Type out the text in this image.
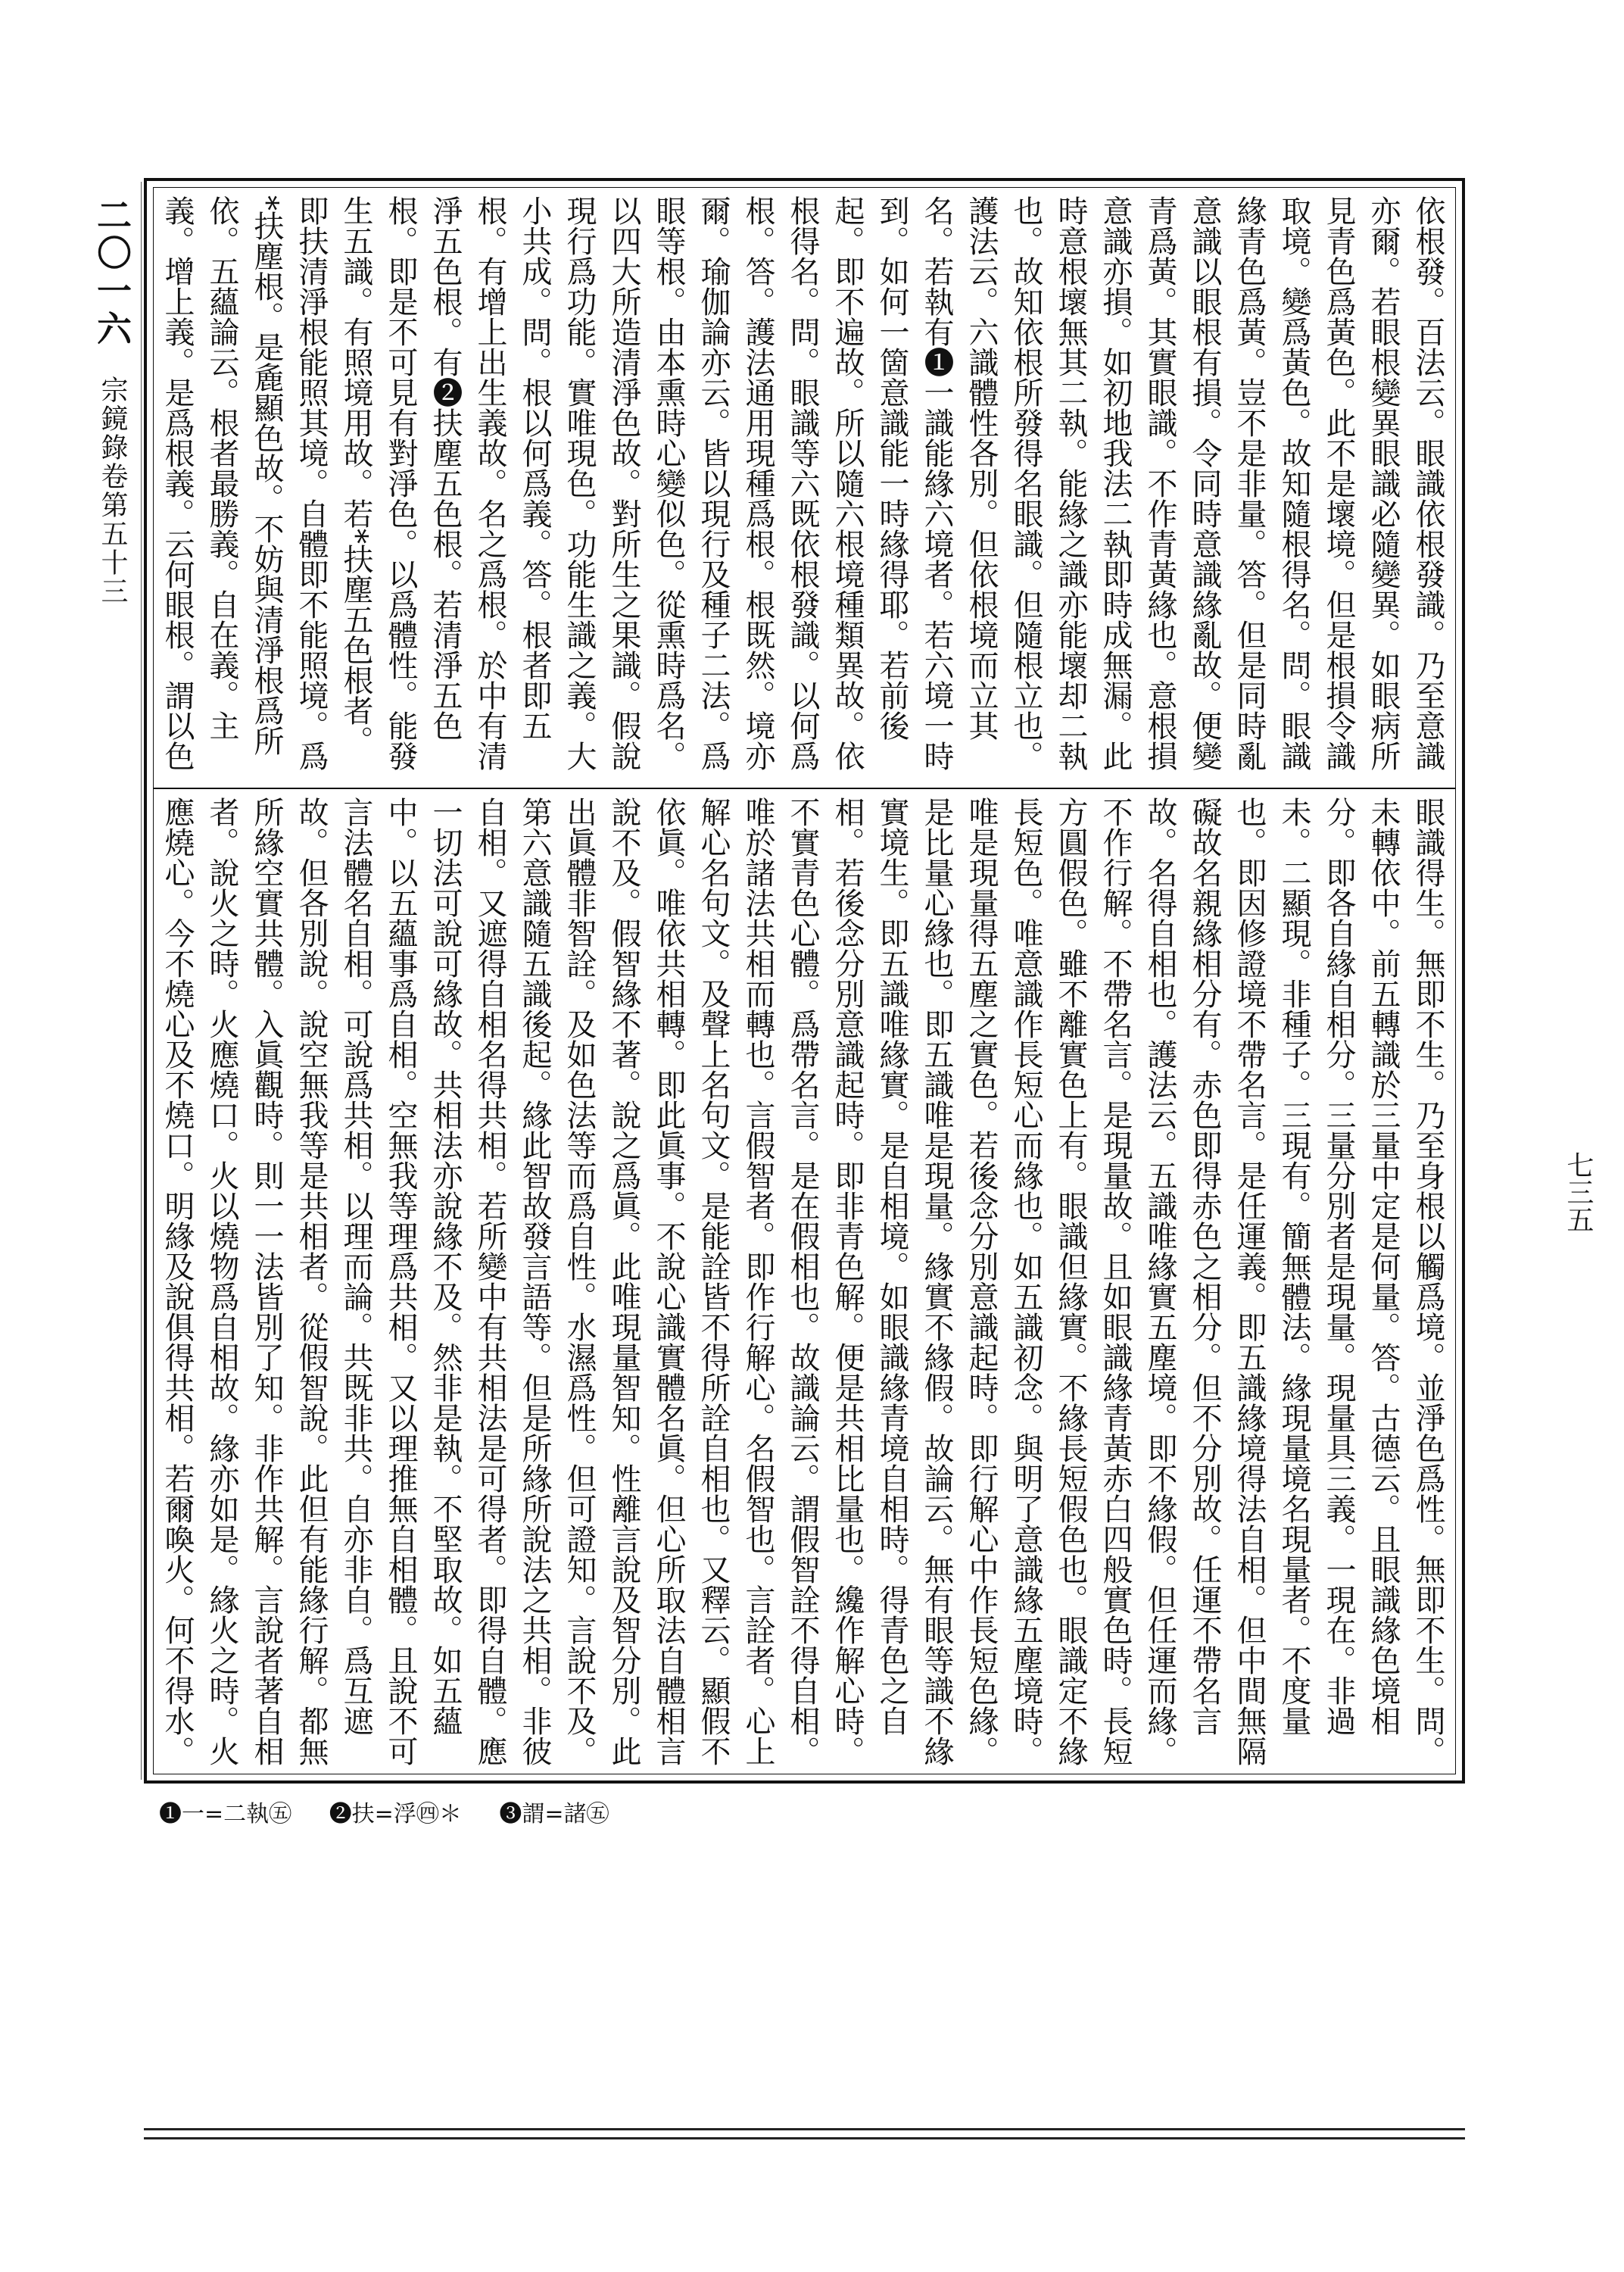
二〇一六宗鏡錄卷第五十三

依根發。百法云。眼識依根發識。乃至意識亦爾。若眼根變異眼識必隨變異。如眼病所見青色爲黃色。此不是壞境。但是根損令識取境。變爲黃色。故知隨根得名。問。眼識緣青色爲黃。豈不是非量。答。但是同時亂意識以眼根有損。令同時意識緣亂故。便變青爲黃。其實眼識。不作青黃緣也。意根損意識亦損。如初地我法二執即時成無漏。此時意根壞無其二執。能緣之識亦能壞却二執也。故知依根所發得名眼識。但隨根立也。護法云。六識體性各別。但依根境而立其名。若執有❶一識能緣六境者。若六境一時到。如何一箇意識能一時緣得耶。若前後起。即不遍故。所以隨六根境種類異故。依根得名。問。眼識等六既依根發識。以何爲根。答。護法通用現種爲根。根既然。境亦爾。瑜伽論亦云。皆以現行及種子二法。爲眼等根。由本熏時心變似色。從熏時爲名。以四大所造清淨色故。對所生之果識。假說現行爲功能。實唯現色。功能生識之義。大小共成。問。根以何爲義。答。根者即五根。有增上出生義故。名之爲根。於中有清淨五色根。有❷扶塵五色根。若清淨五色根。即是不可見有對淨色。以爲體性。能發生五識。有照境用故。若*扶塵五色根者。即扶清淨根能照其境。自體即不能照境。爲*扶塵根。是麁顯色故。不妨與清淨根爲所依。五蘊論云。根者最勝義。自在義。主義。增上義。是爲根義。云何眼根。謂以色

眼識得生。無即不生。乃至身根以觸爲境。並淨色爲性。無即不生。問。未轉依中。前五轉識於三量中定是何量。答。古德云。且眼識緣色境相分。即各自緣自相分。三量分別者是現量。現量具三義。一現在。非過未。二顯現。非種子。三現有。簡無體法。緣現量境名現量者。不度量也。即因修證境不帶名言。是任運義。即五識緣境得法自相。但中間無隔礙故名親緣相分有。赤色即得赤色之相分。但不分別故。任運不帶名言故。名得自相也。護法云。五識唯緣實五塵境。即不緣假。但任運而緣。不作行解。不帶名言。是現量故。且如眼識緣青黃赤白四般實色時。長短方圓假色。雖不離實色上有。眼識但緣實。不緣長短假色也。眼識定不緣長短色。唯意識作長短心而緣也。如五識初念。與明了意識緣五塵境時。唯是現量得五塵之實色。若後念分別意識起時。即行解心中作長短色緣。是比量心緣也。即五識唯是現量。緣實不緣假。故論云。無有眼等識不緣實境生。即五識唯緣實。是自相境。如眼識緣青境自相時。得青色之自相。若後念分別意識起時。即非青色解。便是共相比量也。纔作解心時。不實青色心體。爲帶名言。是在假相也。故識論云。謂假智詮不得自相。唯於諸法共相而轉也。言假智者。即作行解心。名假智也。言詮者。心上解心名句文。及聲上名句文。是能詮皆不得所詮自相也。又釋云。顯假不依眞。唯依共相轉。即此眞事。不說心識實體名眞。但心所取法自體相言說不及。假智緣不著。說之爲眞。此唯現量智知。性離言說及智分別。此出眞體非智詮。及如色法等而爲自性。水濕爲性。但可證知。言說不及。第六意識隨五識後起。緣此智故發言語等。但是所緣所說法之共相。非彼自相。又遮得自相名得共相。若所變中有共相法是可得者。即得自體。應一切法可說可緣故。共相法亦說緣不及。然非是執。不堅取故。如五蘊中。以五蘊事爲自相。空無我等理爲共相。又以理推無自相體。且說不可言法體名自相。可說爲共相。以理而論。共既非共。自亦非自。爲互遮故。但各別說。說空無我等是共相者。從假智說。此但有能緣行解。都無所緣空實共體。入眞觀時。則一一法皆別了知。非作共解。言說者著自相者。說火之時。火應燒口。火以燒物爲自相故。緣亦如是。緣火之時。火應燒心。今不燒心及不燒口。明緣及說俱得共相。若爾喚火。何不得水。

七三五
❶一=二執㊄ ❷扶=浮㊃＊ ❸謂=諸㊄
